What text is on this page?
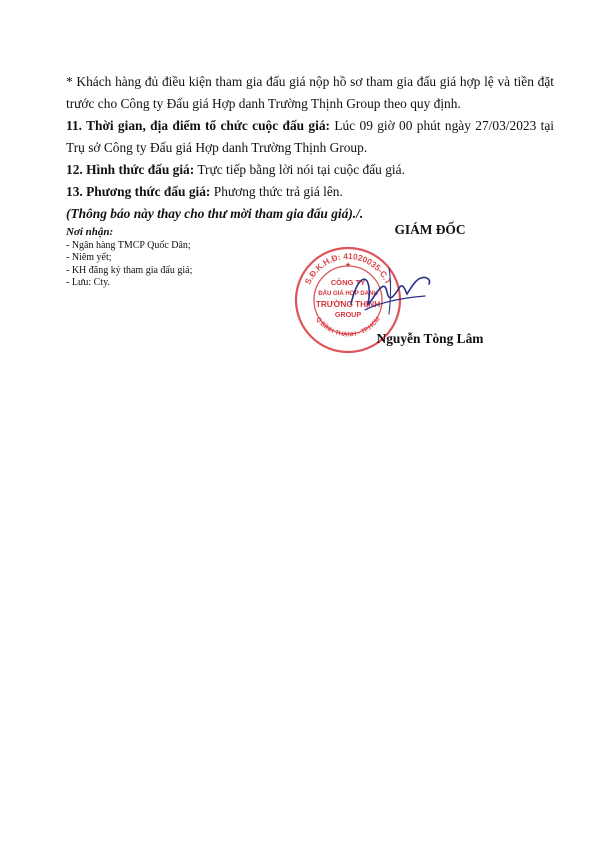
* Khách hàng đủ điều kiện tham gia đấu giá nộp hồ sơ tham gia đấu giá hợp lệ và tiền đặt trước cho Công ty Đấu giá Hợp danh Trường Thịnh Group theo quy định.
11. Thời gian, địa điểm tổ chức cuộc đấu giá: Lúc 09 giờ 00 phút ngày 27/03/2023 tại Trụ sở Công ty Đấu giá Hợp danh Trường Thịnh Group.
12. Hình thức đấu giá: Trực tiếp bằng lời nói tại cuộc đấu giá.
13. Phương thức đấu giá: Phương thức trả giá lên.
(Thông báo này thay cho thư mời tham gia đấu giá)./.
Nơi nhận:
- Ngân hàng TMCP Quốc Dân;
- Niêm yết;
- KH đăng ký tham gia đấu giá;
- Lưu: Cty.
GIÁM ĐỐC
S.Đ.K.H.Đ: 41020035-C.T
Q.BÌNH THẠNH - TP.HCM
CÔNG TY
ĐẤU GIÁ HỢP DANH
TRƯỜNG THỊNH
GROUP
★
Nguyễn Tòng Lâm
